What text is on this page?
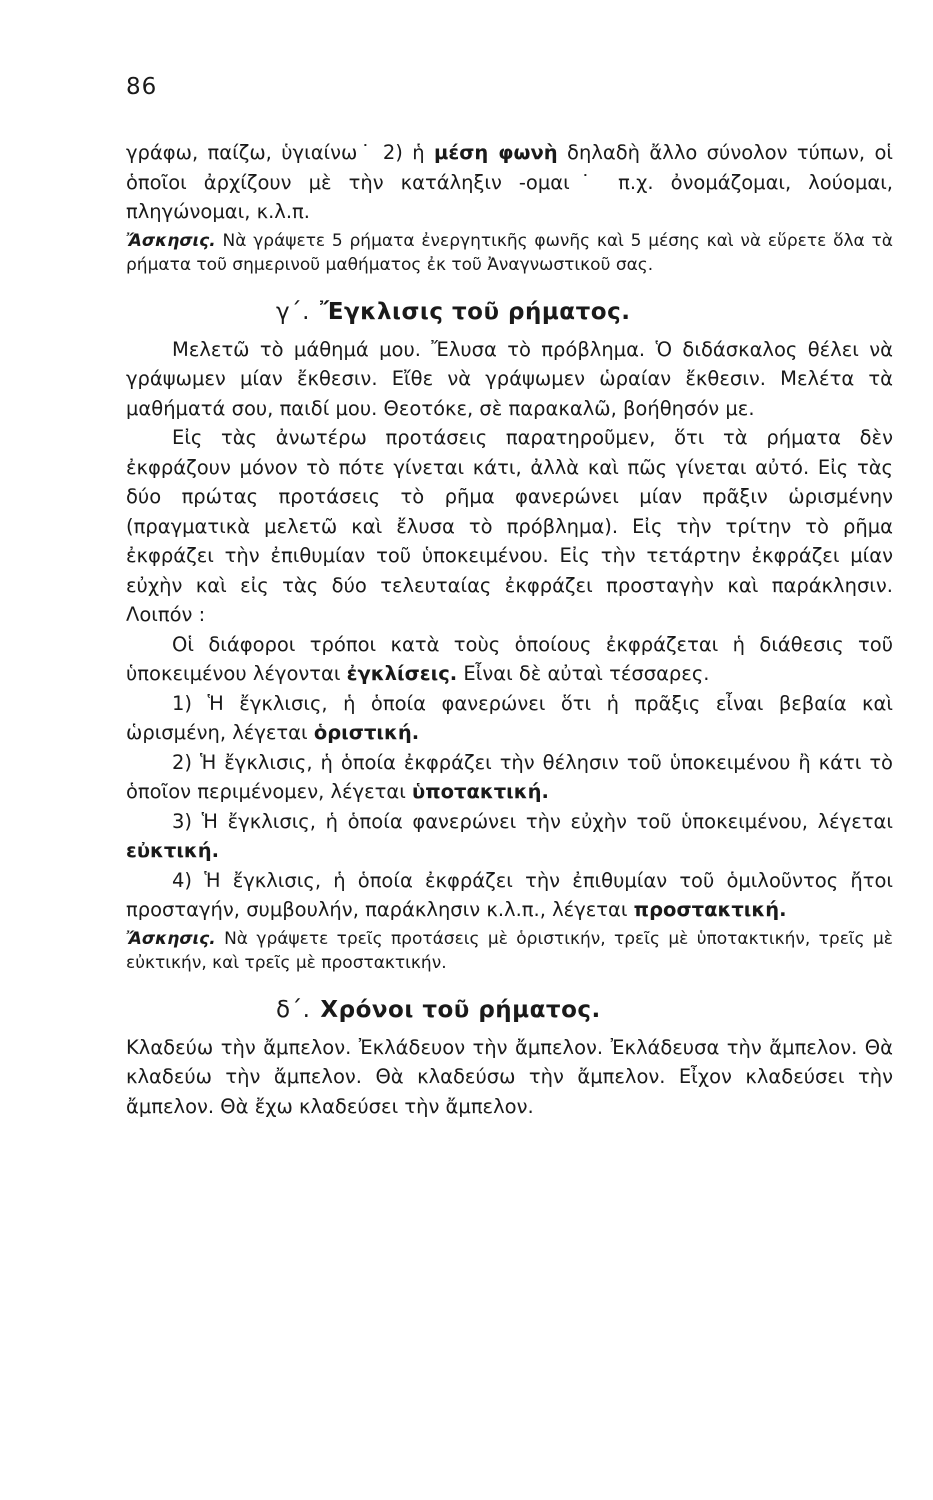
86

γράφω, παίζω, ὑγιαίνω˙ 2) ἡ μέση φωνὴ δηλαδὴ ἄλλο σύνολον τύπων, οἱ ὁποῖοι ἀρχίζουν μὲ τὴν κατάληξιν -ομαι˙ π.χ. ὀνομάζομαι, λούομαι, πληγώνομαι, κ.λ.π.

Ἄσκησις. Νὰ γράψετε 5 ρήματα ἐνεργητικῆς φωνῆς καὶ 5 μέσης καὶ νὰ εὕρετε ὅλα τὰ ρήματα τοῦ σημερινοῦ μαθήματος ἐκ τοῦ Ἀναγνωστικοῦ σας.

γ΄. Ἔγκλισις τοῦ ρήματος.

Μελετῶ τὸ μάθημά μου. Ἔλυσα τὸ πρόβλημα. Ὁ διδάσκαλος θέλει νὰ γράψωμεν μίαν ἔκθεσιν. Εἴθε νὰ γράψωμεν ὡραίαν ἔκθεσιν. Μελέτα τὰ μαθήματά σου, παιδί μου. Θεοτόκε, σὲ παρακαλῶ, βοήθησόν με.

Εἰς τὰς ἀνωτέρω προτάσεις παρατηροῦμεν, ὅτι τὰ ρήματα δὲν ἐκφράζουν μόνον τὸ πότε γίνεται κάτι, ἀλλὰ καὶ πῶς γίνεται αὐτό. Εἰς τὰς δύο πρώτας προτάσεις τὸ ρῆμα φανερώνει μίαν πρᾶξιν ὡρισμένην (πραγματικὰ μελετῶ καὶ ἔλυσα τὸ πρόβλημα). Εἰς τὴν τρίτην τὸ ρῆμα ἐκφράζει τὴν ἐπιθυμίαν τοῦ ὑποκειμένου. Εἰς τὴν τετάρτην ἐκφράζει μίαν εὐχὴν καὶ εἰς τὰς δύο τελευταίας ἐκφράζει προσταγὴν καὶ παράκλησιν. Λοιπόν :

Οἱ διάφοροι τρόποι κατὰ τοὺς ὁποίους ἐκφράζεται ἡ διάθεσις τοῦ ὑποκειμένου λέγονται ἐγκλίσεις. Εἶναι δὲ αὐταὶ τέσσαρες.

1) Ἡ ἔγκλισις, ἡ ὁποία φανερώνει ὅτι ἡ πρᾶξις εἶναι βεβαία καὶ ὡρισμένη, λέγεται ὁριστική.

2) Ἡ ἔγκλισις, ἡ ὁποία ἐκφράζει τὴν θέλησιν τοῦ ὑποκειμένου ἢ κάτι τὸ ὁποῖον περιμένομεν, λέγεται ὑποτακτική.

3) Ἡ ἔγκλισις, ἡ ὁποία φανερώνει τὴν εὐχὴν τοῦ ὑποκειμένου, λέγεται εὐκτική.

4) Ἡ ἔγκλισις, ἡ ὁποία ἐκφράζει τὴν ἐπιθυμίαν τοῦ ὁμιλοῦντος ἤτοι προσταγήν, συμβουλήν, παράκλησιν κ.λ.π., λέγεται προστακτική.

Ἄσκησις. Νὰ γράψετε τρεῖς προτάσεις μὲ ὁριστικήν, τρεῖς μὲ ὑποτακτικήν, τρεῖς μὲ εὐκτικήν, καὶ τρεῖς μὲ προστακτικήν.

δ΄. Χρόνοι τοῦ ρήματος.

Κλαδεύω τὴν ἄμπελον. Ἐκλάδευον τὴν ἄμπελον. Ἐκλάδευσα τὴν ἄμπελον. Θὰ κλαδεύω τὴν ἄμπελον. Θὰ κλαδεύσω τὴν ἄμπελον. Εἶχον κλαδεύσει τὴν ἄμπελον. Θὰ ἔχω κλαδεύσει τὴν ἄμπελον.
